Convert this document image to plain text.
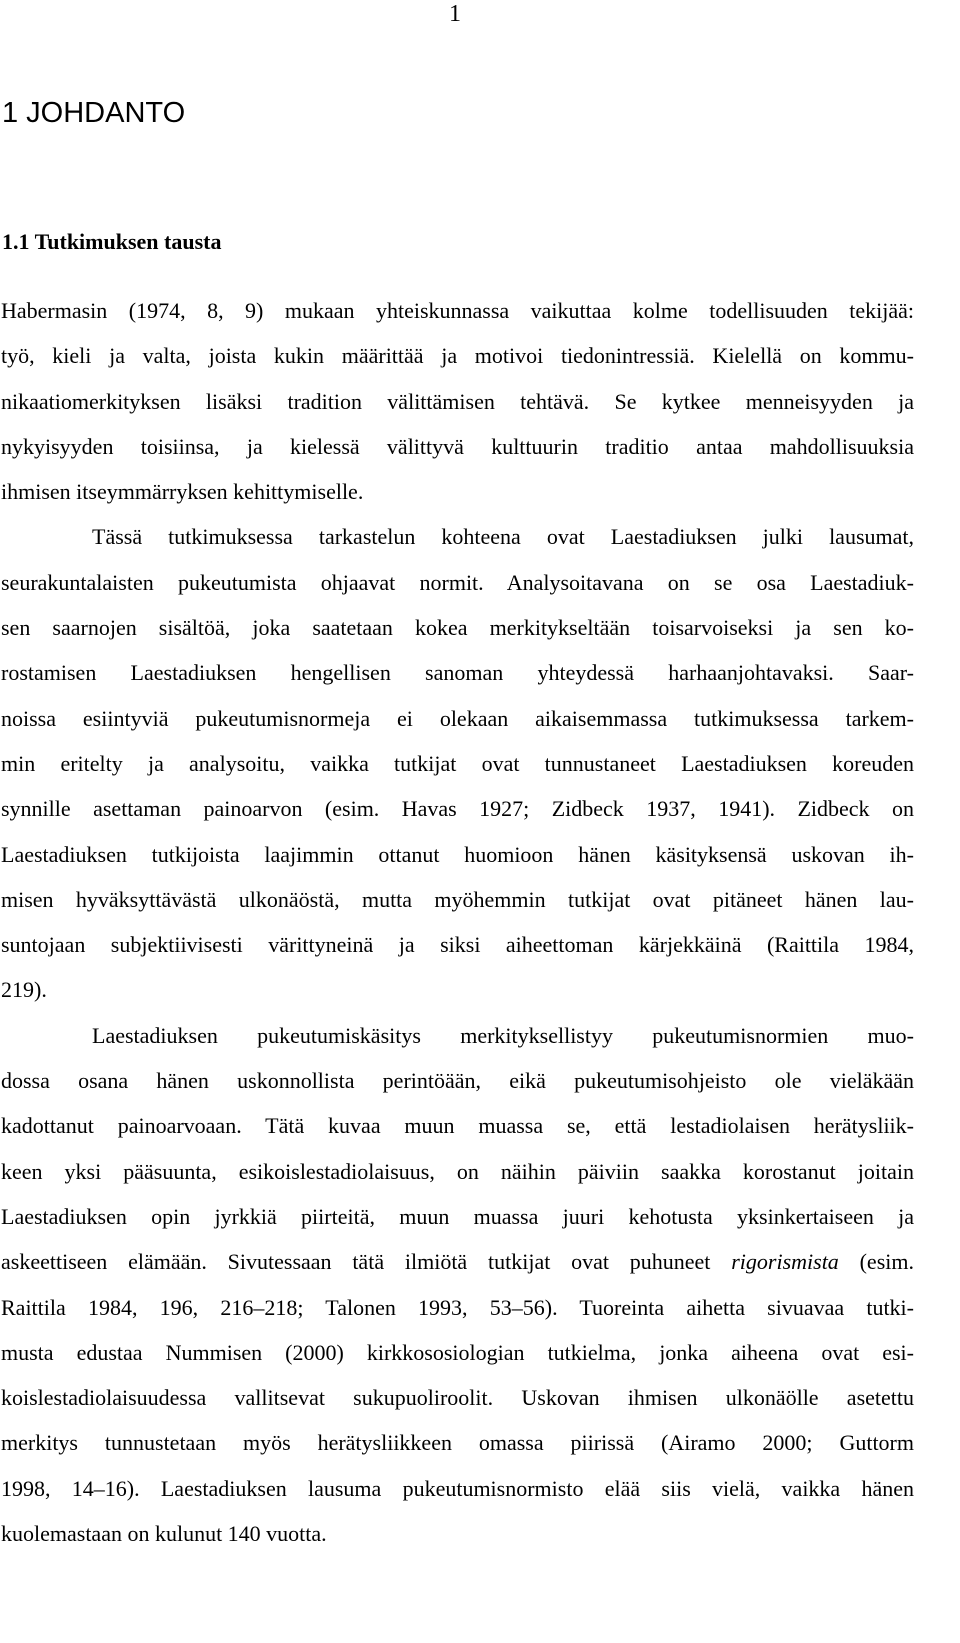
1
1 JOHDANTO
1.1 Tutkimuksen tausta
Habermasin (1974, 8, 9) mukaan yhteiskunnassa vaikuttaa kolme todellisuuden tekijää:
työ, kieli ja valta, joista kukin määrittää ja motivoi tiedonintressiä. Kielellä on kommu-
nikaatiomerkityksen lisäksi tradition välittämisen tehtävä. Se kytkee menneisyyden ja
nykyisyyden toisiinsa, ja kielessä välittyvä kulttuurin traditio antaa mahdollisuuksia
ihmisen itseymmärryksen kehittymiselle.
Tässä tutkimuksessa tarkastelun kohteena ovat Laestadiuksen julki lausumat,
seurakuntalaisten pukeutumista ohjaavat normit. Analysoitavana on se osa Laestadiuk-
sen saarnojen sisältöä, joka saatetaan kokea merkitykseltään toisarvoiseksi ja sen ko-
rostamisen Laestadiuksen hengellisen sanoman yhteydessä harhaanjohtavaksi. Saar-
noissa esiintyviä pukeutumisnormeja ei olekaan aikaisemmassa tutkimuksessa tarkem-
min eritelty ja analysoitu, vaikka tutkijat ovat tunnustaneet Laestadiuksen koreuden
synnille asettaman painoarvon (esim. Havas 1927; Zidbeck 1937, 1941). Zidbeck on
Laestadiuksen tutkijoista laajimmin ottanut huomioon hänen käsityksensä uskovan ih-
misen hyväksyttävästä ulkonäöstä, mutta myöhemmin tutkijat ovat pitäneet hänen lau-
suntojaan subjektiivisesti värittyneinä ja siksi aiheettoman kärjekkäinä (Raittila 1984,
219).
Laestadiuksen pukeutumiskäsitys merkityksellistyy pukeutumisnormien muo-
dossa osana hänen uskonnollista perintöään, eikä pukeutumisohjeisto ole vieläkään
kadottanut painoarvoaan. Tätä kuvaa muun muassa se, että lestadiolaisen herätysliik-
keen yksi pääsuunta, esikoislestadiolaisuus, on näihin päiviin saakka korostanut joitain
Laestadiuksen opin jyrkkiä piirteitä, muun muassa juuri kehotusta yksinkertaiseen ja
askeettiseen elämään. Sivutessaan tätä ilmiötä tutkijat ovat puhuneet rigorismista (esim.
Raittila 1984, 196, 216–218; Talonen 1993, 53–56). Tuoreinta aihetta sivuavaa tutki-
musta edustaa Nummisen (2000) kirkkososiologian tutkielma, jonka aiheena ovat esi-
koislestadiolaisuudessa vallitsevat sukupuoliroolit. Uskovan ihmisen ulkonäölle asetettu
merkitys tunnustetaan myös herätysliikkeen omassa piirissä (Airamo 2000; Guttorm
1998, 14–16). Laestadiuksen lausuma pukeutumisnormisto elää siis vielä, vaikka hänen
kuolemastaan on kulunut 140 vuotta.
